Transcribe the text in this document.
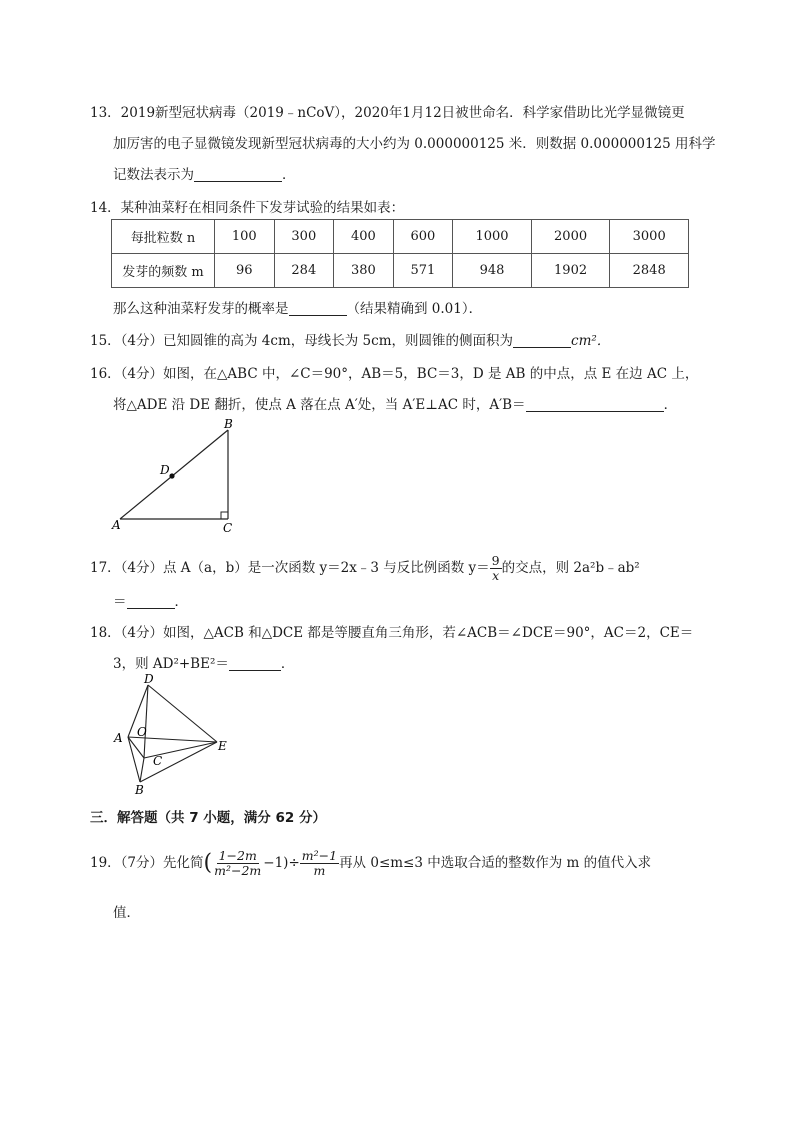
13．2019新型冠状病毒（2019﹣nCoV），2020年1月12日被世命名．科学家借助比光学显微镜更
加厉害的电子显微镜发现新型冠状病毒的大小约为 0.000000125 米．则数据 0.000000125 用科学
记数法表示为	．
14．某种油菜籽在相同条件下发芽试验的结果如表：
每批粒数 n	100	300	400	600	1000	2000	3000
发芽的频数 m	96	284	380	571	948	1902	2848
那么这种油菜籽发芽的概率是	（结果精确到 0.01）．
15．（4分）已知圆锥的高为 4cm，母线长为 5cm，则圆锥的侧面积为	cm²．
16．（4分）如图，在△ABC 中，∠C＝90°，AB＝5，BC＝3，D 是 AB 的中点，点 E 在边 AC 上，
将△ADE 沿 DE 翻折，使点 A 落在点 A′处，当 A′E⊥AC 时，A′B＝	．
B
D
A	C
17．（4分）点 A（a，b）是一次函数 y＝2x﹣3 与反比例函数 $y= \frac{9}{x}$ 的交点，则 2a²b﹣ab²
＝	．
18．（4分）如图，△ACB 和△DCE 都是等腰直角三角形，若∠ACB＝∠DCE＝90°，AC＝2，CE＝
3，则 AD²+BE²＝	．
D
A O
E
C
B
三．解答题（共 7 小题，满分 62 分）
19．（7分）先化简( $\frac{1-2m}{\text{m²−2m}} -1)\div \frac{\text{m²−1}}{m}$ 再从 0≤m≤3 中选取合适的整数作为 m 的值代入求
值．
